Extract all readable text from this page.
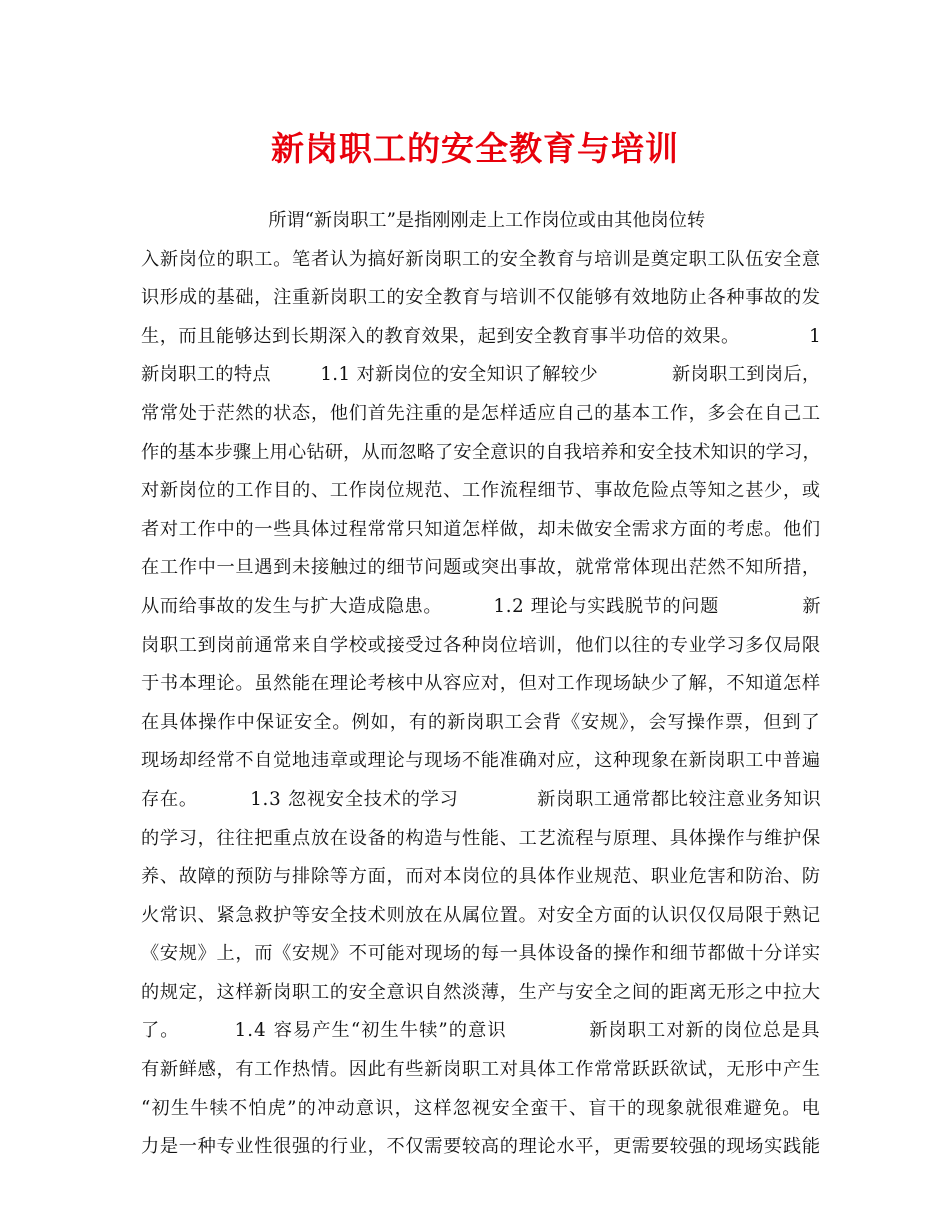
新岗职工的安全教育与培训
所谓“新岗职工”是指刚刚走上工作岗位或由其他岗位转
入新岗位的职工。笔者认为搞好新岗职工的安全教育与培训是奠定职工队伍安全意
识形成的基础，注重新岗职工的安全教育与培训不仅能够有效地防止各种事故的发
生，而且能够达到长期深入的教育效果，起到安全教育事半功倍的效果。           1
新岗职工的特点        1.1 对新岗位的安全知识了解较少            新岗职工到岗后，
常常处于茫然的状态，他们首先注重的是怎样适应自己的基本工作，多会在自己工
作的基本步骤上用心钻研，从而忽略了安全意识的自我培养和安全技术知识的学习，
对新岗位的工作目的、工作岗位规范、工作流程细节、事故危险点等知之甚少，或
者对工作中的一些具体过程常常只知道怎样做，却未做安全需求方面的考虑。他们
在工作中一旦遇到未接触过的细节问题或突出事故，就常常体现出茫然不知所措，
从而给事故的发生与扩大造成隐患。        1.2 理论与实践脱节的问题             新
岗职工到岗前通常来自学校或接受过各种岗位培训，他们以往的专业学习多仅局限
于书本理论。虽然能在理论考核中从容应对，但对工作现场缺少了解，不知道怎样
在具体操作中保证安全。例如，有的新岗职工会背《安规》，会写操作票，但到了
现场却经常不自觉地违章或理论与现场不能准确对应，这种现象在新岗职工中普遍
存在。        1.3 忽视安全技术的学习            新岗职工通常都比较注意业务知识
的学习，往往把重点放在设备的构造与性能、工艺流程与原理、具体操作与维护保
养、故障的预防与排除等方面，而对本岗位的具体作业规范、职业危害和防治、防
火常识、紧急救护等安全技术则放在从属位置。对安全方面的认识仅仅局限于熟记
《安规》上，而《安规》不可能对现场的每一具体设备的操作和细节都做十分详实
的规定，这样新岗职工的安全意识自然淡薄，生产与安全之间的距离无形之中拉大
了。        1.4 容易产生“初生牛犊”的意识            新岗职工对新的岗位总是具
有新鲜感，有工作热情。因此有些新岗职工对具体工作常常跃跃欲试，无形中产生
“初生牛犊不怕虎”的冲动意识，这样忽视安全蛮干、盲干的现象就很难避免。电
力是一种专业性很强的行业，不仅需要较高的理论水平，更需要较强的现场实践能
